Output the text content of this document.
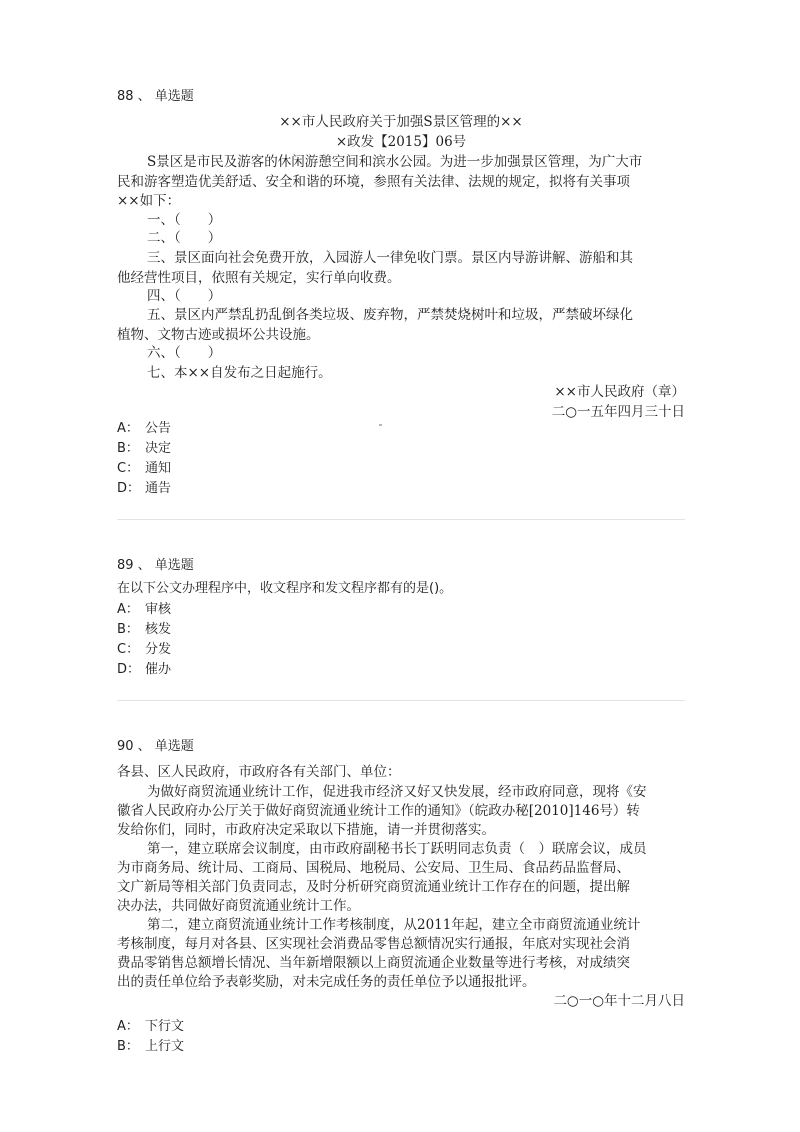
88 、 单选题
××市人民政府关于加强S景区管理的××
×政发【2015】06号
S景区是市民及游客的休闲游憩空间和滨水公园。为进一步加强景区管理，为广大市
民和游客塑造优美舒适、安全和谐的环境，参照有关法律、法规的规定，拟将有关事项
××如下：
一、（　　）
二、（　　）
三、景区面向社会免费开放，入园游人一律免收门票。景区内导游讲解、游船和其
他经营性项目，依照有关规定，实行单向收费。
四、（　　）
五、景区内严禁乱扔乱倒各类垃圾、废弃物，严禁焚烧树叶和垃圾，严禁破坏绿化
植物、文物古迹或损坏公共设施。
六、（　　）
七、本××自发布之日起施行。
××市人民政府（章）
二○一五年四月三十日
A： 公告
B： 决定
C： 通知
D： 通告
89 、 单选题
在以下公文办理程序中，收文程序和发文程序都有的是()。
A： 审核
B： 核发
C： 分发
D： 催办
90 、 单选题
各县、区人民政府，市政府各有关部门、单位：
为做好商贸流通业统计工作，促进我市经济又好又快发展，经市政府同意，现将《安
徽省人民政府办公厅关于做好商贸流通业统计工作的通知》（皖政办秘[2010]146号）转
发给你们，同时，市政府决定采取以下措施，请一并贯彻落实。
第一，建立联席会议制度，由市政府副秘书长丁跃明同志负责（　）联席会议，成员
为市商务局、统计局、工商局、国税局、地税局、公安局、卫生局、食品药品监督局、
文广新局等相关部门负责同志，及时分析研究商贸流通业统计工作存在的问题，提出解
决办法，共同做好商贸流通业统计工作。
第二，建立商贸流通业统计工作考核制度，从2011年起，建立全市商贸流通业统计
考核制度，每月对各县、区实现社会消费品零售总额情况实行通报，年底对实现社会消
费品零销售总额增长情况、当年新增限额以上商贸流通企业数量等进行考核，对成绩突
出的责任单位给予表彰奖励，对未完成任务的责任单位予以通报批评。
二○一○年十二月八日
A： 下行文
B： 上行文
